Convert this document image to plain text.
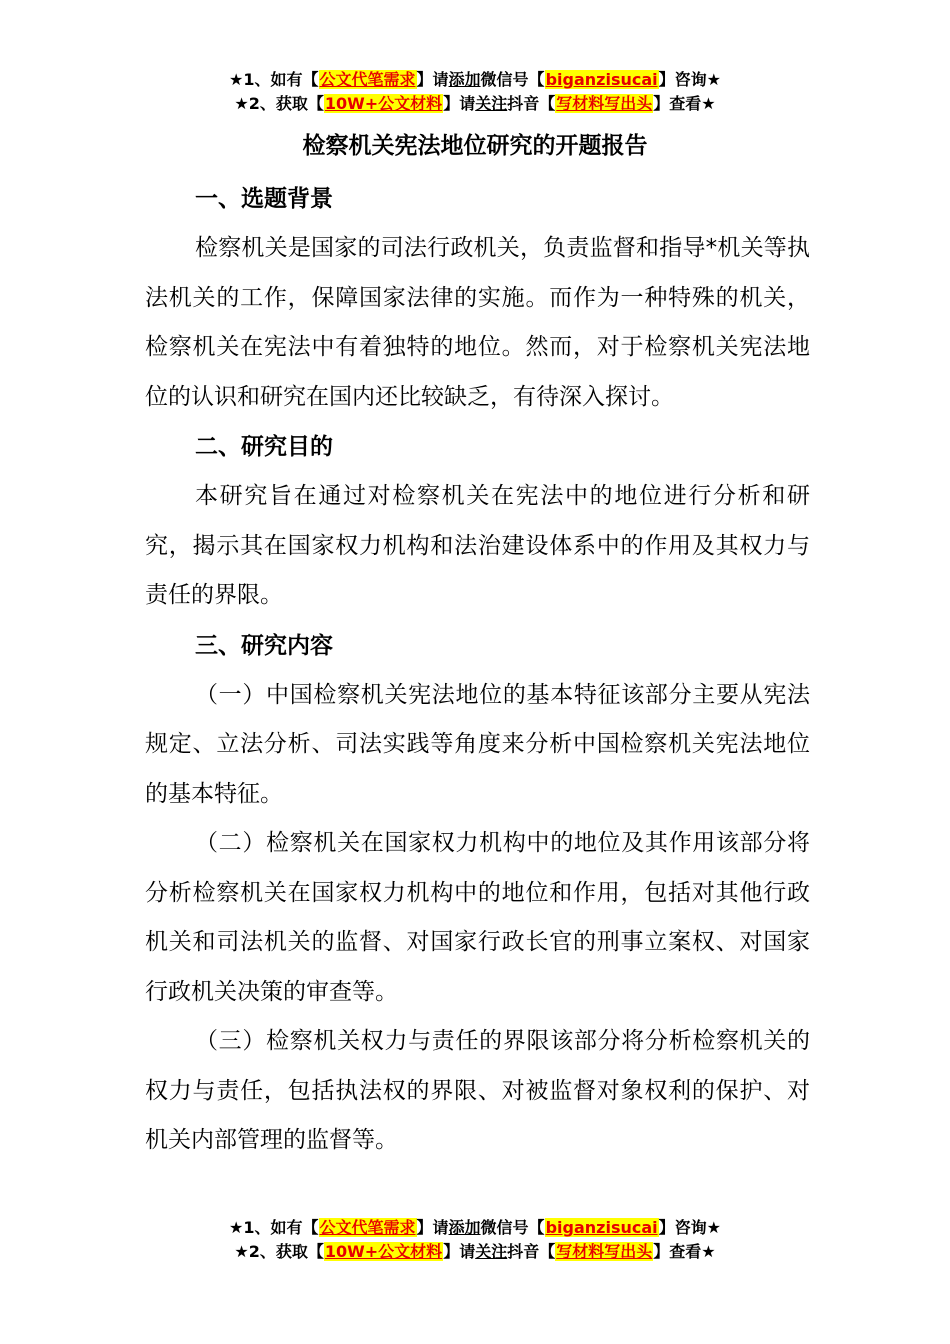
★1、如有【公文代笔需求】请添加微信号【biganzisucai】咨询★
★2、获取【10W+公文材料】请关注抖音【写材料写出头】查看★
检察机关宪法地位研究的开题报告
一、选题背景

检察机关是国家的司法行政机关，负责监督和指导*机关等执法机关的工作，保障国家法律的实施。而作为一种特殊的机关，检察机关在宪法中有着独特的地位。然而，对于检察机关宪法地位的认识和研究在国内还比较缺乏，有待深入探讨。

二、研究目的

本研究旨在通过对检察机关在宪法中的地位进行分析和研究，揭示其在国家权力机构和法治建设体系中的作用及其权力与责任的界限。

三、研究内容

（一）中国检察机关宪法地位的基本特征该部分主要从宪法规定、立法分析、司法实践等角度来分析中国检察机关宪法地位的基本特征。

（二）检察机关在国家权力机构中的地位及其作用该部分将分析检察机关在国家权力机构中的地位和作用，包括对其他行政机关和司法机关的监督、对国家行政长官的刑事立案权、对国家行政机关决策的审查等。

（三）检察机关权力与责任的界限该部分将分析检察机关的权力与责任，包括执法权的界限、对被监督对象权利的保护、对机关内部管理的监督等。

★1、如有【公文代笔需求】请添加微信号【biganzisucai】咨询★
★2、获取【10W+公文材料】请关注抖音【写材料写出头】查看★
